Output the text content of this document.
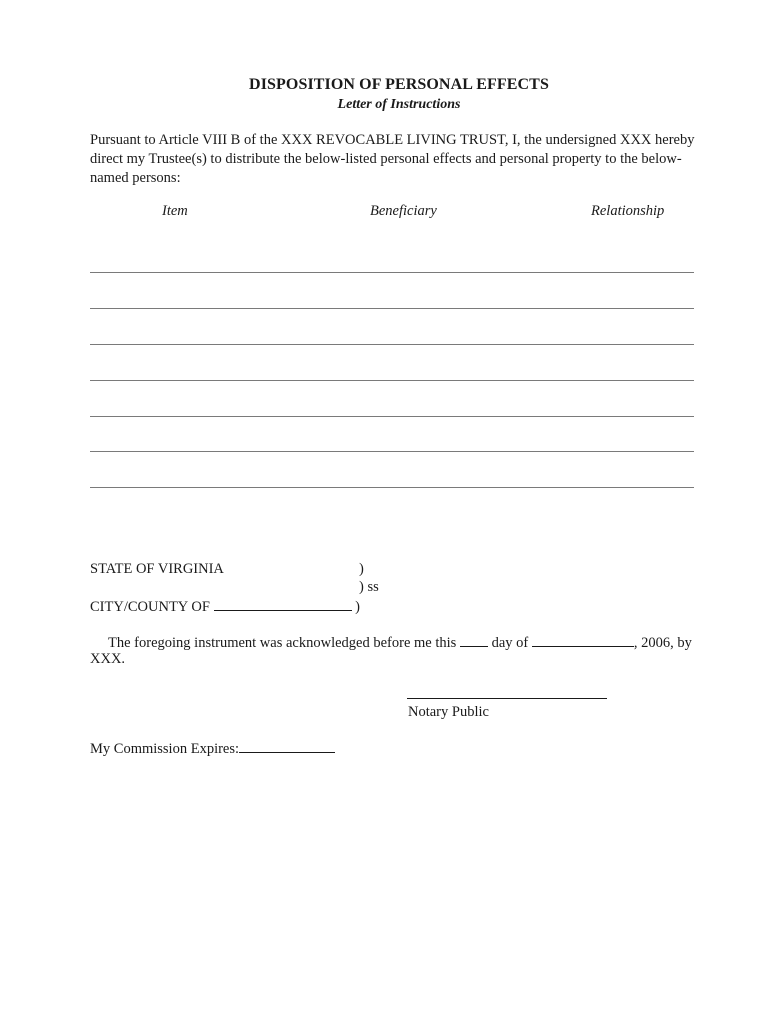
DISPOSITION OF PERSONAL EFFECTS
Letter of Instructions
Pursuant to Article VIII B of the XXX REVOCABLE LIVING TRUST, I, the undersigned XXX hereby direct my Trustee(s) to distribute the below-listed personal effects and personal property to the below-named persons:
Item	Beneficiary	Relationship
STATE OF VIRGINIA	)
) ss
CITY/COUNTY OF	)
The foregoing instrument was acknowledged before me this day of	, 2006, by
XXX.
Notary Public
My Commission Expires:
